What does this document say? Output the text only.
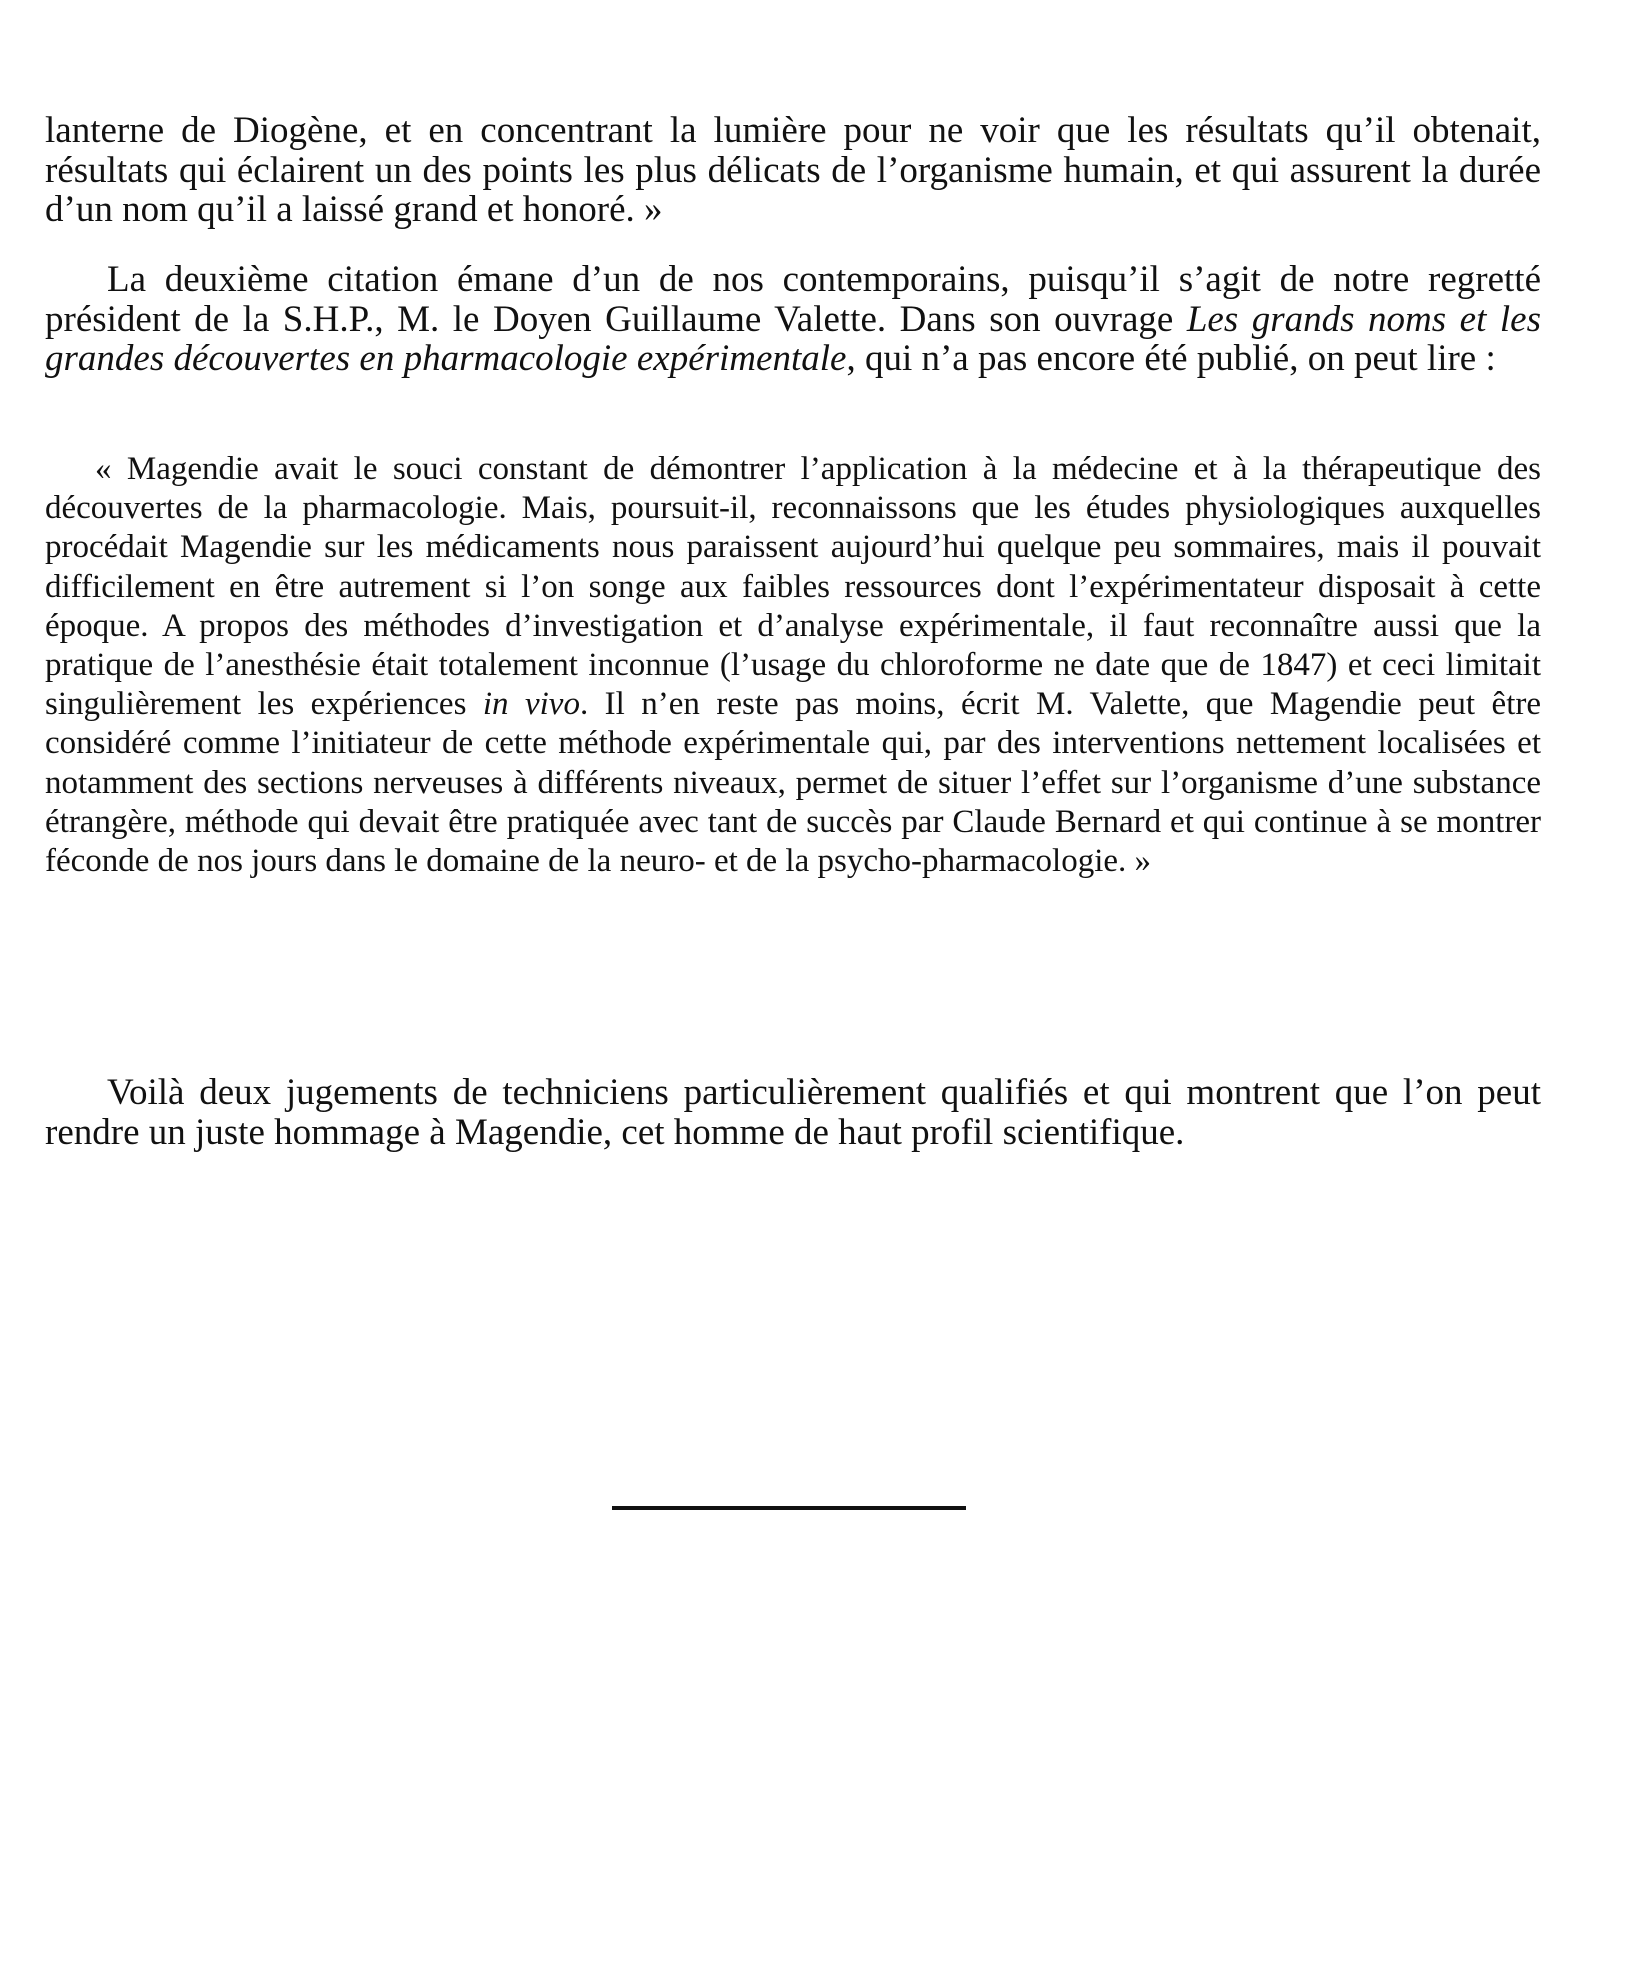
lanterne de Diogène, et en concentrant la lumière pour ne voir que les résultats qu’il obtenait, résultats qui éclairent un des points les plus délicats de l’organisme humain, et qui assurent la durée d’un nom qu’il a laissé grand et honoré. »

La deuxième citation émane d’un de nos contemporains, puisqu’il s’agit de notre regretté président de la S.H.P., M. le Doyen Guillaume Valette. Dans son ouvrage Les grands noms et les grandes découvertes en pharmacologie expérimentale, qui n’a pas encore été publié, on peut lire :

« Magendie avait le souci constant de démontrer l’application à la médecine et à la thérapeutique des découvertes de la pharmacologie. Mais, poursuit-il, reconnaissons que les études physiologiques auxquelles procédait Magendie sur les médicaments nous paraissent aujourd’hui quelque peu sommaires, mais il pouvait difficilement en être autrement si l’on songe aux faibles ressources dont l’expérimentateur disposait à cette époque. A propos des méthodes d’investigation et d’analyse expérimentale, il faut reconnaître aussi que la pratique de l’anesthésie était totalement inconnue (l’usage du chloroforme ne date que de 1847) et ceci limitait singulièrement les expériences in vivo. Il n’en reste pas moins, écrit M. Valette, que Magendie peut être considéré comme l’initiateur de cette méthode expérimentale qui, par des interventions nettement localisées et notamment des sections nerveuses à différents niveaux, permet de situer l’effet sur l’organisme d’une substance étrangère, méthode qui devait être pratiquée avec tant de succès par Claude Bernard et qui continue à se montrer féconde de nos jours dans le domaine de la neuro- et de la psycho-pharmacologie. »

Voilà deux jugements de techniciens particulièrement qualifiés et qui montrent que l’on peut rendre un juste hommage à Magendie, cet homme de haut profil scientifique.
